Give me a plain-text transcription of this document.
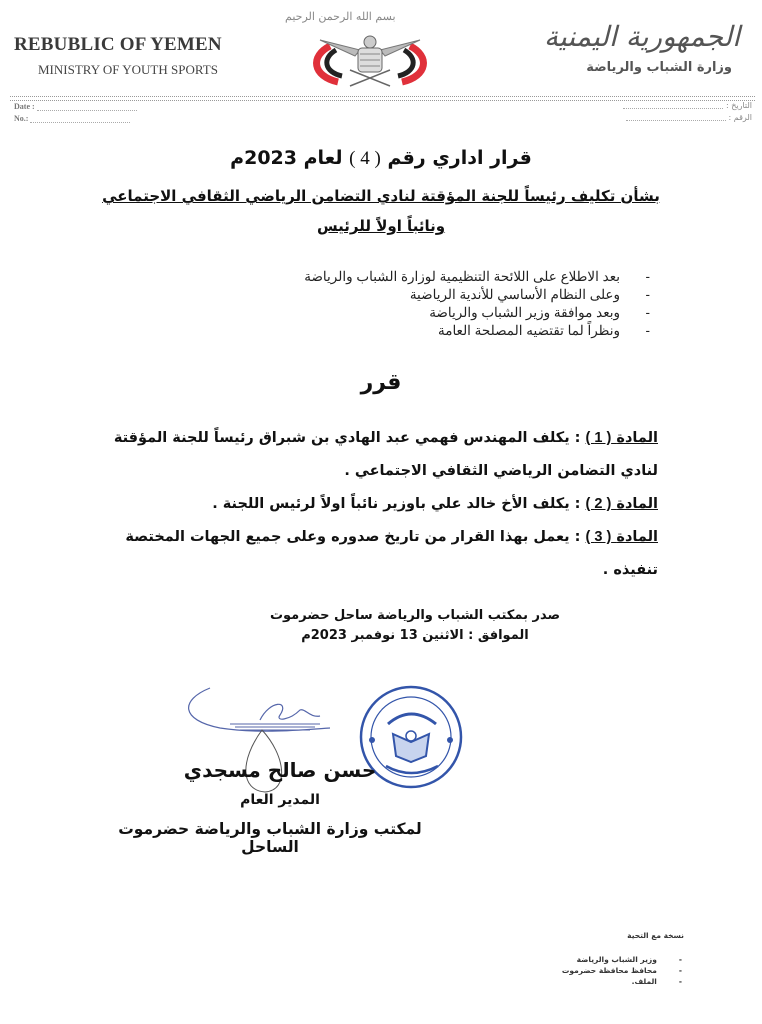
REBUBLIC OF YEMEN
MINISTRY OF YOUTH SPORTS
الجمهورية اليمنية
وزارة الشباب والرياضة
بسم الله الرحمن الرحيم
Date :
No.:
التاريخ :
الرقم :
قرار اداري رقم ( 4 ) لعام 2023م
بشأن تكليف رئيساً للجنة المؤقتة لنادي التضامن الرياضي الثقافي الاجتماعي
ونائباً اولاً للرئيس
-
بعد الاطلاع على اللائحة التنظيمية لوزارة الشباب والرياضة
-
وعلى النظام الأساسي للأندية الرياضية
-
وبعد موافقة وزير الشباب والرياضة
-
ونظراً لما تقتضيه المصلحة العامة
قرر
المادة ( 1 ) : يكلف المهندس فهمي عبد الهادي بن شبراق رئيساً للجنة المؤقتة لنادي التضامن الرياضي الثقافي الاجتماعي .
المادة ( 2 ) : يكلف الأخ خالد علي باوزير نائباً اولاً لرئيس اللجنة .
المادة ( 3 ) : يعمل بهذا القرار من تاريخ صدوره وعلى جميع الجهات المختصة تنفيذه .
صدر بمكتب الشباب والرياضة ساحل حضرموت
الموافق : الاثنين 13 نوفمبر 2023م
حسن صالح مسجدي
المدير العام
لمكتب وزارة الشباب والرياضة حضرموت الساحل
نسخة مع التحية
-
وزير الشباب والرياضة
-
محافظ محافظة حضرموت
-
الملف.
